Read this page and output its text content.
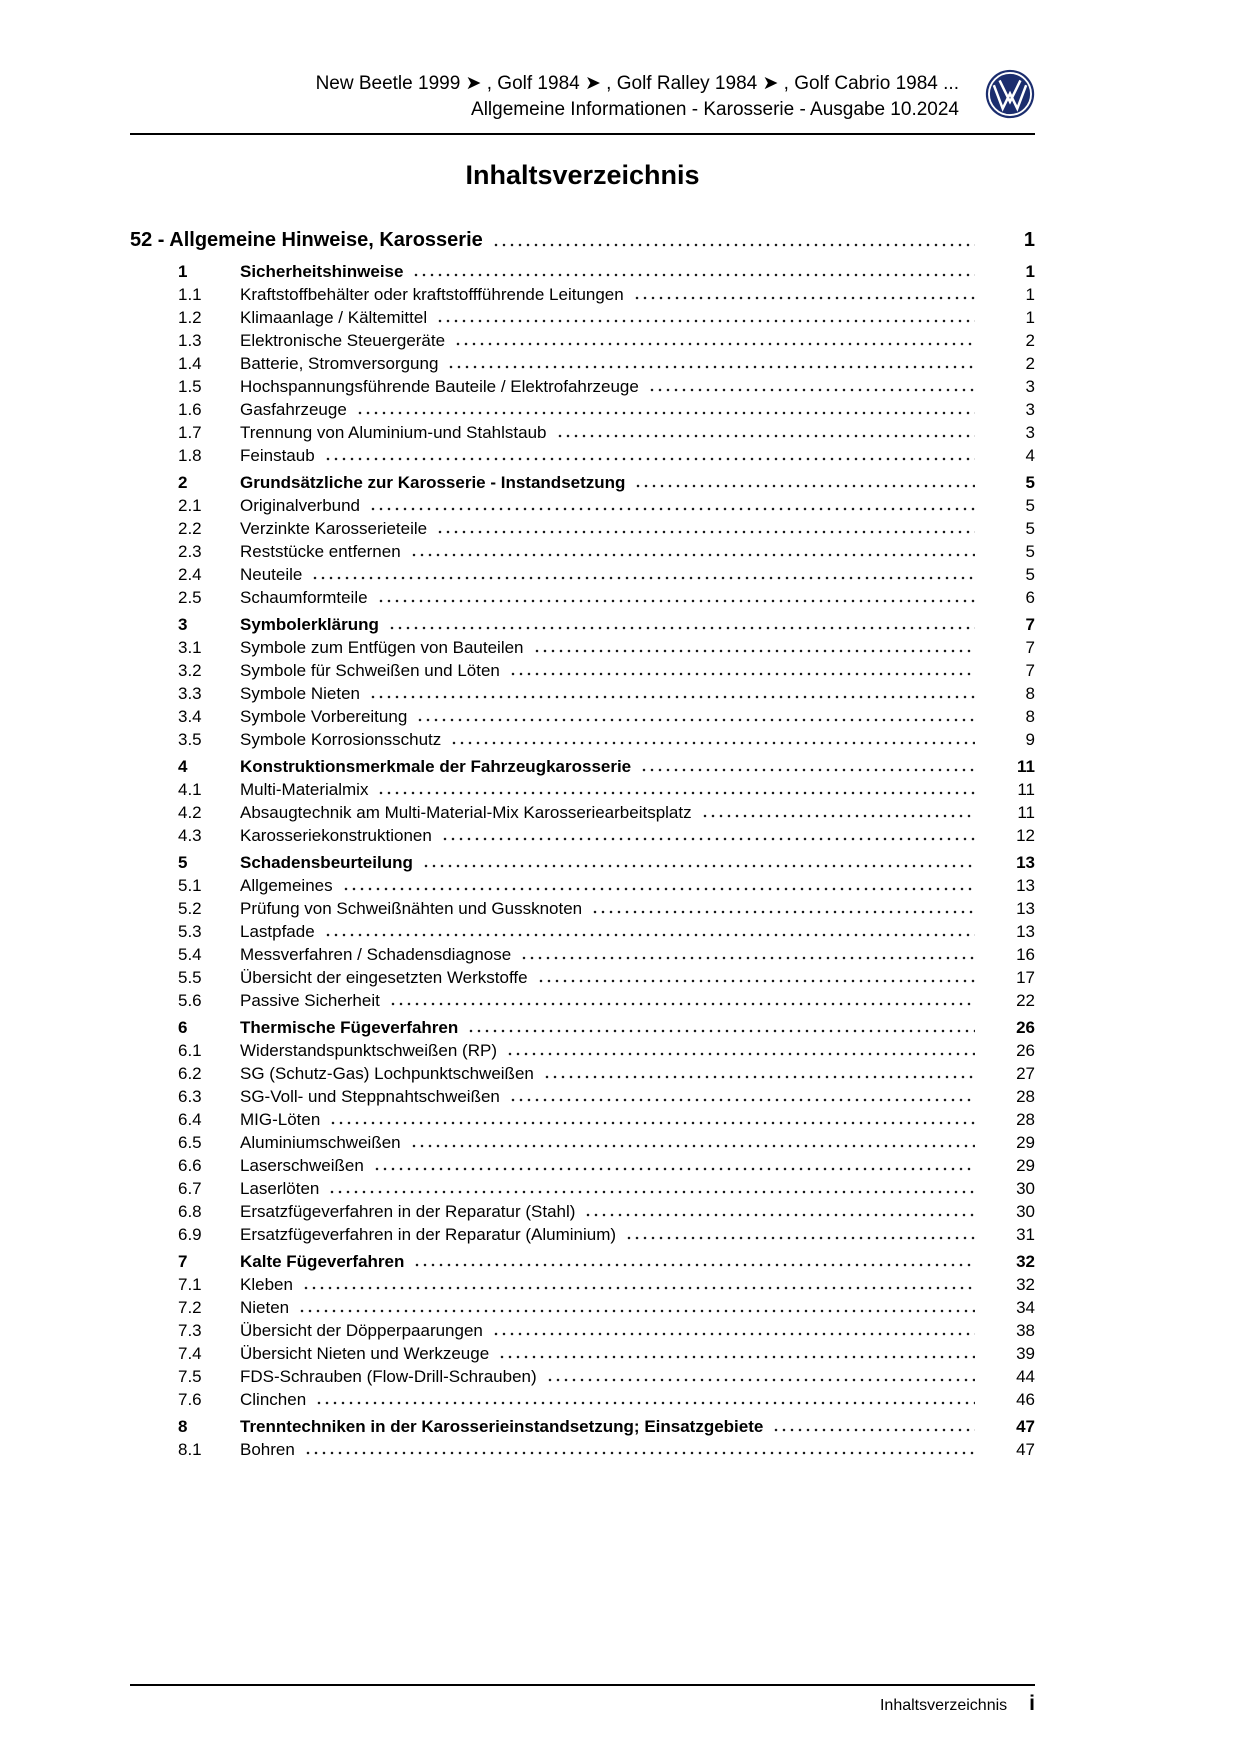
New Beetle 1999 ➤ , Golf 1984 ➤ , Golf Ralley 1984 ➤ , Golf Cabrio 1984 ...
Allgemeine Informationen - Karosserie - Ausgabe 10.2024
Inhaltsverzeichnis
52 - Allgemeine Hinweise, Karosserie	1
1	Sicherheitshinweise	1
1.1	Kraftstoffbehälter oder kraftstoffführende Leitungen	1
1.2	Klimaanlage / Kältemittel	1
1.3	Elektronische Steuergeräte	2
1.4	Batterie, Stromversorgung	2
1.5	Hochspannungsführende Bauteile / Elektrofahrzeuge	3
1.6	Gasfahrzeuge	3
1.7	Trennung von Aluminium-und Stahlstaub	3
1.8	Feinstaub	4
2	Grundsätzliche zur Karosserie - Instandsetzung	5
2.1	Originalverbund	5
2.2	Verzinkte Karosserieteile	5
2.3	Reststücke entfernen	5
2.4	Neuteile	5
2.5	Schaumformteile	6
3	Symbolerklärung	7
3.1	Symbole zum Entfügen von Bauteilen	7
3.2	Symbole für Schweißen und Löten	7
3.3	Symbole Nieten	8
3.4	Symbole Vorbereitung	8
3.5	Symbole Korrosionsschutz	9
4	Konstruktionsmerkmale der Fahrzeugkarosserie	11
4.1	Multi-Materialmix	11
4.2	Absaugtechnik am Multi-Material-Mix Karosseriearbeitsplatz	11
4.3	Karosseriekonstruktionen	12
5	Schadensbeurteilung	13
5.1	Allgemeines	13
5.2	Prüfung von Schweißnähten und Gussknoten	13
5.3	Lastpfade	13
5.4	Messverfahren / Schadensdiagnose	16
5.5	Übersicht der eingesetzten Werkstoffe	17
5.6	Passive Sicherheit	22
6	Thermische Fügeverfahren	26
6.1	Widerstandspunktschweißen (RP)	26
6.2	SG (Schutz-Gas) Lochpunktschweißen	27
6.3	SG-Voll- und Steppnahtschweißen	28
6.4	MIG-Löten	28
6.5	Aluminiumschweißen	29
6.6	Laserschweißen	29
6.7	Laserlöten	30
6.8	Ersatzfügeverfahren in der Reparatur (Stahl)	30
6.9	Ersatzfügeverfahren in der Reparatur (Aluminium)	31
7	Kalte Fügeverfahren	32
7.1	Kleben	32
7.2	Nieten	34
7.3	Übersicht der Döpperpaarungen	38
7.4	Übersicht Nieten und Werkzeuge	39
7.5	FDS-Schrauben (Flow-Drill-Schrauben)	44
7.6	Clinchen	46
8	Trenntechniken in der Karosserieinstandsetzung; Einsatzgebiete	47
8.1	Bohren	47
Inhaltsverzeichnis i
